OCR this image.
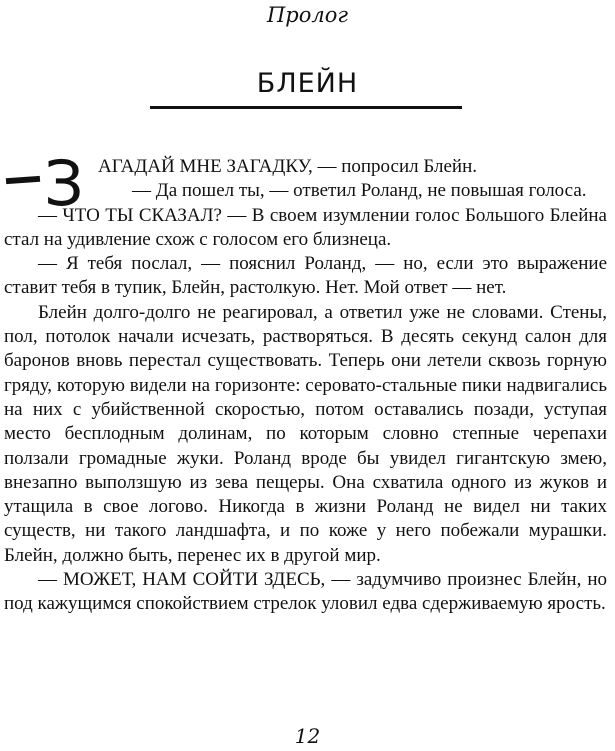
Пролог
БЛЕЙН

З АГАДАЙ МНЕ ЗАГАДКУ, — попросил Блейн.

— Да пошел ты, — ответил Роланд, не повышая голоса.

— ЧТО ТЫ СКАЗАЛ? — В своем изумлении голос Большого Блейна стал на удивление схож с голосом его близнеца.

— Я тебя послал, — пояснил Роланд, — но, если это выражение ставит тебя в тупик, Блейн, растолкую. Нет. Мой ответ — нет.

Блейн долго-долго не реагировал, а ответил уже не словами. Стены, пол, потолок начали исчезать, растворяться. В десять секунд салон для баронов вновь перестал существовать. Теперь они летели сквозь горную гряду, которую видели на горизонте: серовато-стальные пики надвигались на них с убийственной скоростью, потом оставались позади, уступая место бесплодным долинам, по которым словно степные черепахи ползали громадные жуки. Роланд вроде бы увидел гигантскую змею, внезапно выползшую из зева пещеры. Она схватила одного из жуков и утащила в свое логово. Никогда в жизни Роланд не видел ни таких существ, ни такого ландшафта, и по коже у него побежали мурашки. Блейн, должно быть, перенес их в другой мир.

— МОЖЕТ, НАМ СОЙТИ ЗДЕСЬ, — задумчиво произнес Блейн, но под кажущимся спокойствием стрелок уловил едва сдерживаемую ярость.

12
